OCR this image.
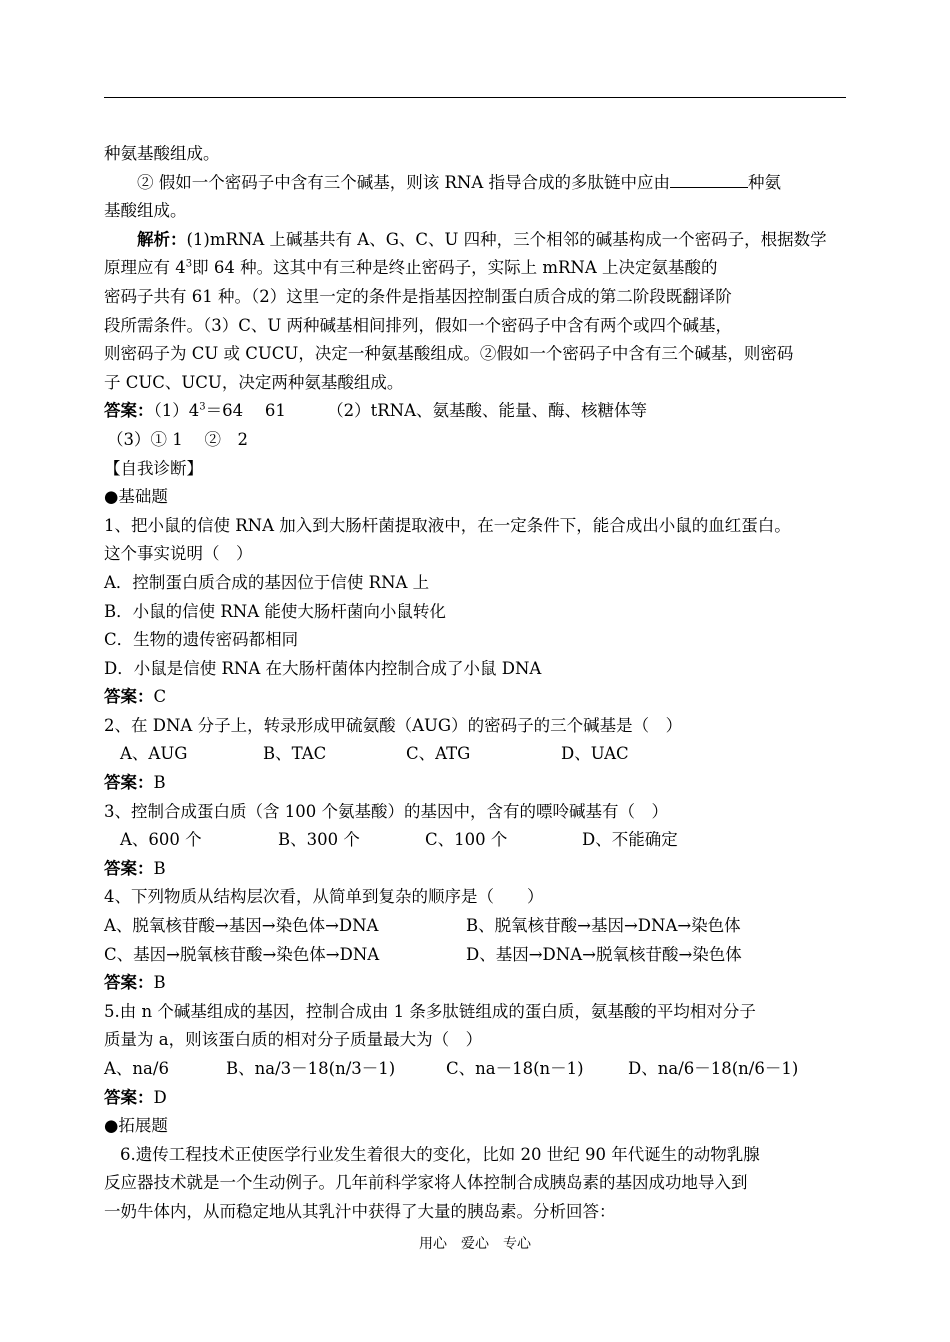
种氨基酸组成。
② 假如一个密码子中含有三个碱基，则该 RNA 指导合成的多肽链中应由	种氨
基酸组成。
解析：(1)mRNA 上碱基共有 A、G、C、U 四种，三个相邻的碱基构成一个密码子，根据数学
原理应有 $4^3$即 64 种。这其中有三种是终止密码子，实际上 mRNA 上决定氨基酸的
密码子共有 61 种。（2）这里一定的条件是指基因控制蛋白质合成的第二阶段既翻译阶
段所需条件。（3）C、U 两种碱基相间排列，假如一个密码子中含有两个或四个碱基，
则密码子为 CU 或 CUCU，决定一种氨基酸组成。②假如一个密码子中含有三个碱基，则密码
子 CUC、UCU，决定两种氨基酸组成。
答案：$(1)4^3=64$　 61　　　（2）tRNA、氨基酸、能量、酶、核糖体等
（3）① 1　 ②　2
【自我诊断】
●基础题
1、把小鼠的信使 RNA 加入到大肠杆菌提取液中，在一定条件下，能合成出小鼠的血红蛋白。
这个事实说明（　）
A．控制蛋白质合成的基因位于信使 RNA 上
B．小鼠的信使 RNA 能使大肠杆菌向小鼠转化
C．生物的遗传密码都相同
D．小鼠是信使 RNA 在大肠杆菌体内控制合成了小鼠 DNA
答案：C
2、在 DNA 分子上，转录形成甲硫氨酸（AUG）的密码子的三个碱基是（　）
A、AUG	B、TAC	C、ATG	D、UAC
答案：B
3、控制合成蛋白质（含 100 个氨基酸）的基因中，含有的嘌呤碱基有（　）
A、600 个	B、300 个	C、100 个	D、不能确定
答案：B
4、下列物质从结构层次看，从简单到复杂的顺序是（　　）
A、脱氧核苷酸→基因→染色体→DNA	B、脱氧核苷酸→基因→DNA→染色体
C、基因→脱氧核苷酸→染色体→DNA	D、基因→DNA→脱氧核苷酸→染色体
答案：B
5.由 n 个碱基组成的基因，控制合成由 1 条多肽链组成的蛋白质，氨基酸的平均相对分子
质量为 a，则该蛋白质的相对分子质量最大为（　）
A、na/6	B、na/3－18(n/3－1)	C、na－18(n－1)	D、na/6－18(n/6－1)
答案：D
●拓展题
6.遗传工程技术正使医学行业发生着很大的变化，比如 20 世纪 90 年代诞生的动物乳腺
反应器技术就是一个生动例子。几年前科学家将人体控制合成胰岛素的基因成功地导入到
一奶牛体内，从而稳定地从其乳汁中获得了大量的胰岛素。分析回答：
用心　爱心　专心
